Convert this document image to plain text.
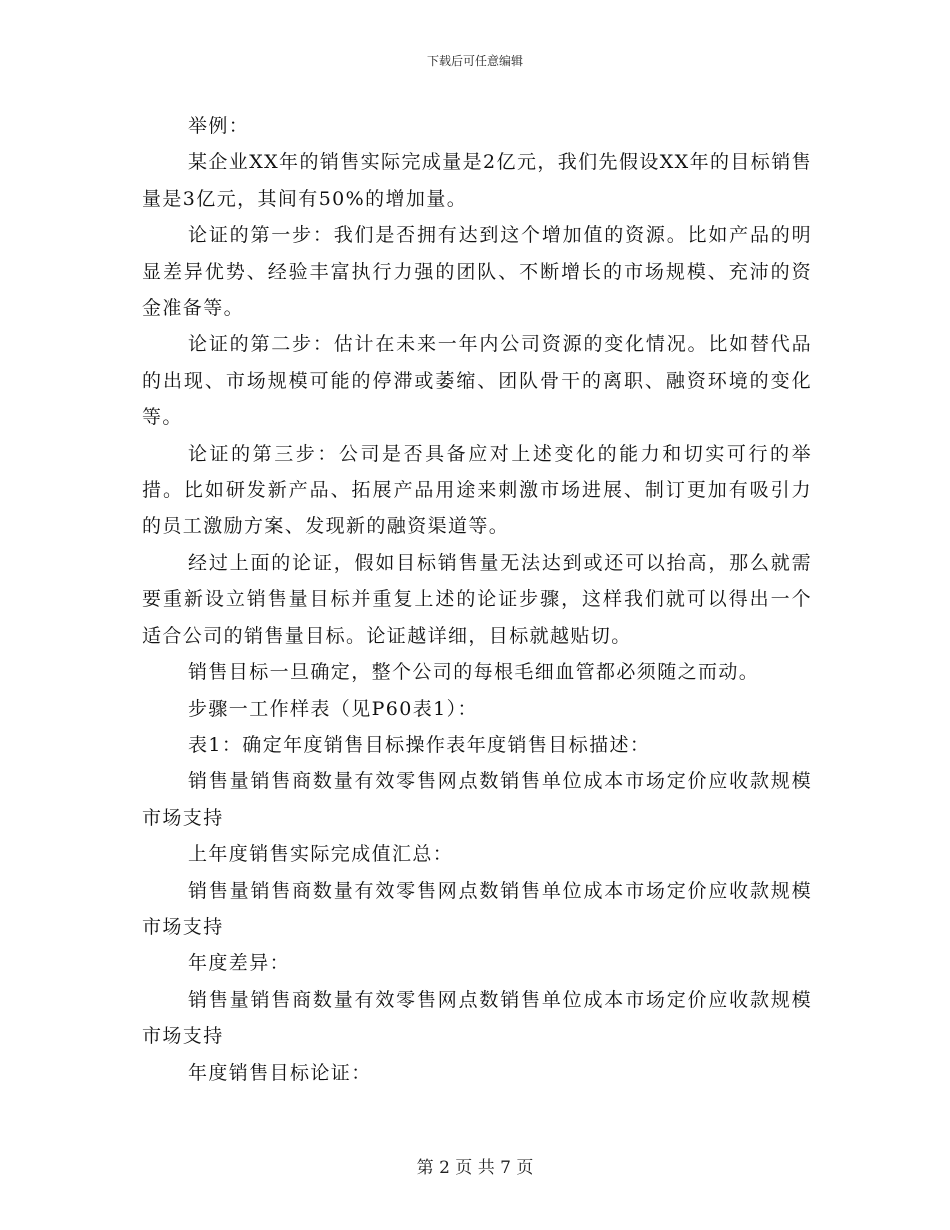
下载后可任意编辑

举例：

某企业XX年的销售实际完成量是2亿元，我们先假设XX年的目标销售量是3亿元，其间有50%的增加量。

论证的第一步：我们是否拥有达到这个增加值的资源。比如产品的明显差异优势、经验丰富执行力强的团队、不断增长的市场规模、充沛的资金准备等。

论证的第二步：估计在未来一年内公司资源的变化情况。比如替代品的出现、市场规模可能的停滞或萎缩、团队骨干的离职、融资环境的变化等。

论证的第三步：公司是否具备应对上述变化的能力和切实可行的举措。比如研发新产品、拓展产品用途来刺激市场进展、制订更加有吸引力的员工激励方案、发现新的融资渠道等。

经过上面的论证，假如目标销售量无法达到或还可以抬高，那么就需要重新设立销售量目标并重复上述的论证步骤，这样我们就可以得出一个适合公司的销售量目标。论证越详细，目标就越贴切。

销售目标一旦确定，整个公司的每根毛细血管都必须随之而动。

步骤一工作样表（见P60表1）：

表1：确定年度销售目标操作表年度销售目标描述：

销售量销售商数量有效零售网点数销售单位成本市场定价应收款规模市场支持

上年度销售实际完成值汇总：

销售量销售商数量有效零售网点数销售单位成本市场定价应收款规模市场支持

年度差异：

销售量销售商数量有效零售网点数销售单位成本市场定价应收款规模市场支持

年度销售目标论证：

第 2 页 共 7 页
